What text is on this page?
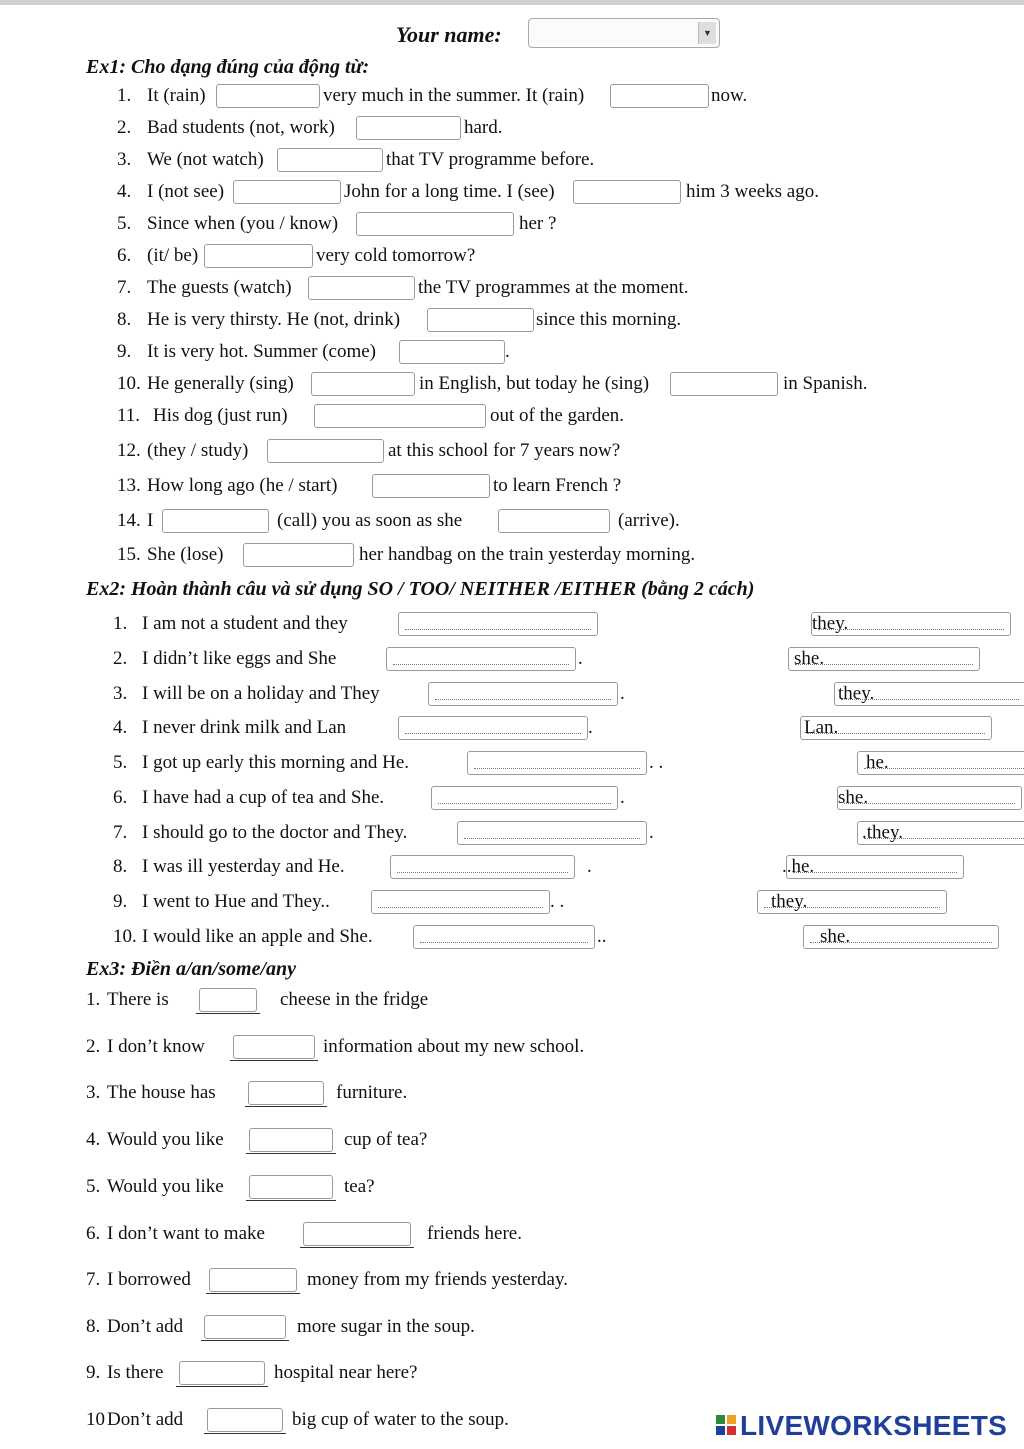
Your name:	▼
Ex1: Cho dạng đúng của động từ:
1. It (rain)	very much in the summer. It (rain)	now.
2. Bad students (not, work)	hard.
3. We (not watch)	that TV programme before.
4. I (not see)	John for a long time. I (see)	him 3 weeks ago.
5. Since when (you / know)	her ?
6. (it/ be)	very cold tomorrow?
7. The guests (watch)	the TV programmes at the moment.
8. He is very thirsty. He (not, drink)	since this morning.
9. It is very hot. Summer (come)	.
10. He generally (sing)	in English, but today he (sing)	in Spanish.
11. His dog (just run)	out of the garden.
12. (they / study)	at this school for 7 years now?
13. How long ago (he / start)	to learn French ?
14. I	(call) you as soon as she	(arrive).
15. She (lose)	her handbag on the train yesterday morning.
Ex2: Hoàn thành câu và sử dụng SO / TOO/ NEITHER /EITHER (bằng 2 cách)
1. I am not a student and they	they.
2. I didn’t like eggs and She	.	she.
3. I will be on a holiday and They	.	they.
4. I never drink milk and Lan	.	Lan.
5. I got up early this morning and He.	. .	he.
6. I have had a cup of tea and She.	.	she.
7. I should go to the doctor and They.	.	.they.
8. I was ill yesterday and He.	.	..he.
9. I went to Hue and They..	. .	they.
10. I would like an apple and She.	..	she.
Ex3: Điền a/an/some/any
1. There is	cheese in the fridge
2. I don’t know	information about my new school.
3. The house has	furniture.
4. Would you like	cup of tea?
5. Would you like	tea?
6. I don’t want to make	friends here.
7. I borrowed	money from my friends yesterday.
8. Don’t add	more sugar in the soup.
9. Is there	hospital near here?
10 Don’t add	big cup of water to the soup.	LIVEWORKSHEETS
